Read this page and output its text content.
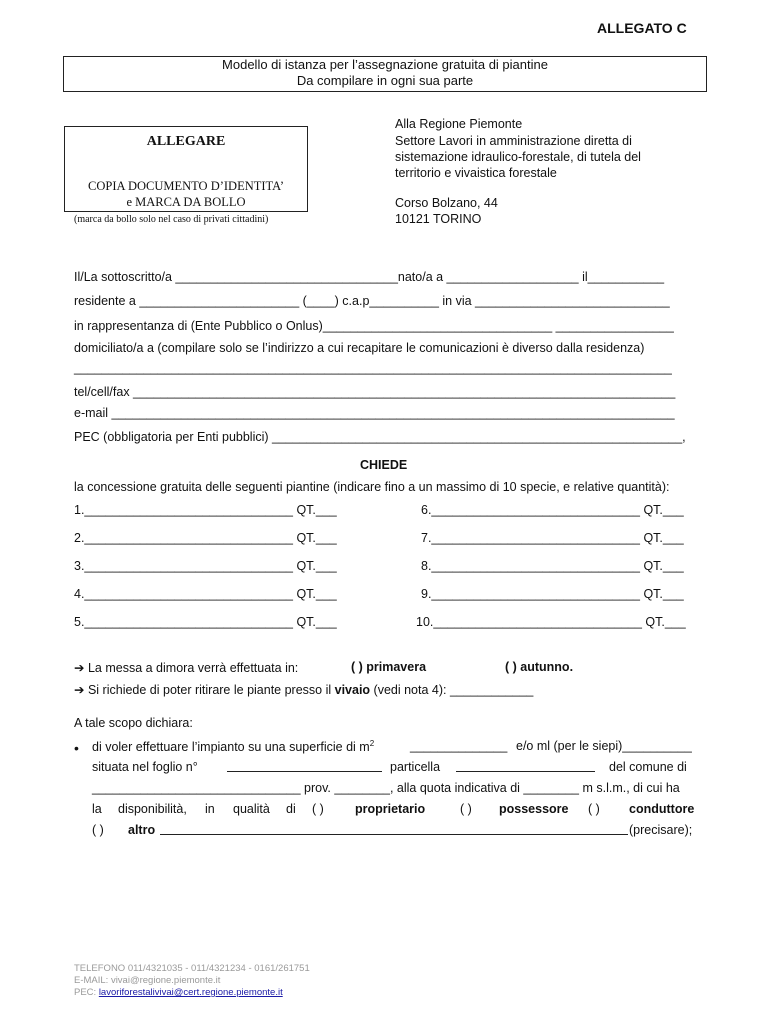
ALLEGATO C
Modello di istanza per l’assegnazione gratuita di piantine
Da compilare in ogni sua parte
ALLEGARE
COPIA DOCUMENTO D’IDENTITA’
e MARCA DA BOLLO
(marca da bollo solo nel caso di privati cittadini)
Alla Regione Piemonte
Settore Lavori in amministrazione diretta di
sistemazione idraulico-forestale, di tutela del
territorio e vivaistica forestale
Corso Bolzano, 44
10121 TORINO
Il/La sottoscritto/a ________________________________nato/a a ___________________ il___________
residente a _______________________ (____) c.a.p__________ in via ____________________________
in rappresentanza di (Ente Pubblico o Onlus)_________________________________ _________________
domiciliato/a a (compilare solo se l’indirizzo a cui recapitare le comunicazioni è diverso dalla residenza)
______________________________________________________________________________________
tel/cell/fax ______________________________________________________________________________
e-mail _________________________________________________________________________________
PEC (obbligatoria per Enti pubblici) ___________________________________________________________,
CHIEDE
la concessione gratuita delle seguenti piantine (indicare fino a un massimo di 10 specie, e relative quantità):
1.______________________________ QT.___
2.______________________________ QT.___
3.______________________________ QT.___
4.______________________________ QT.___
5.______________________________ QT.___
6.______________________________ QT.___
7.______________________________ QT.___
8.______________________________ QT.___
9.______________________________ QT.___
10.______________________________ QT.___
➔ La messa a dimora verrà effettuata in:	( ) primavera	( ) autunno.
➔ Si richiede di poter ritirare le piante presso il vivaio (vedi nota 4): ____________
A tale scopo dichiara:
• di voler effettuare l’impianto su una superficie di $m^2$	______________ e/o ml (per le siepi)__________
situata nel foglio n°	particella	del comune di
______________________________ prov. ________, alla quota indicativa di ________ m s.l.m., di cui ha
la disponibilità, in qualità di ( ) proprietario	( ) possessore ( ) conduttore
( ) altro	(precisare);
TELEFONO 011/4321035 - 011/4321234 - 0161/261751
E-MAIL: vivai@regione.piemonte.it
PEC: lavoriforestalivivai@cert.regione.piemonte.it
